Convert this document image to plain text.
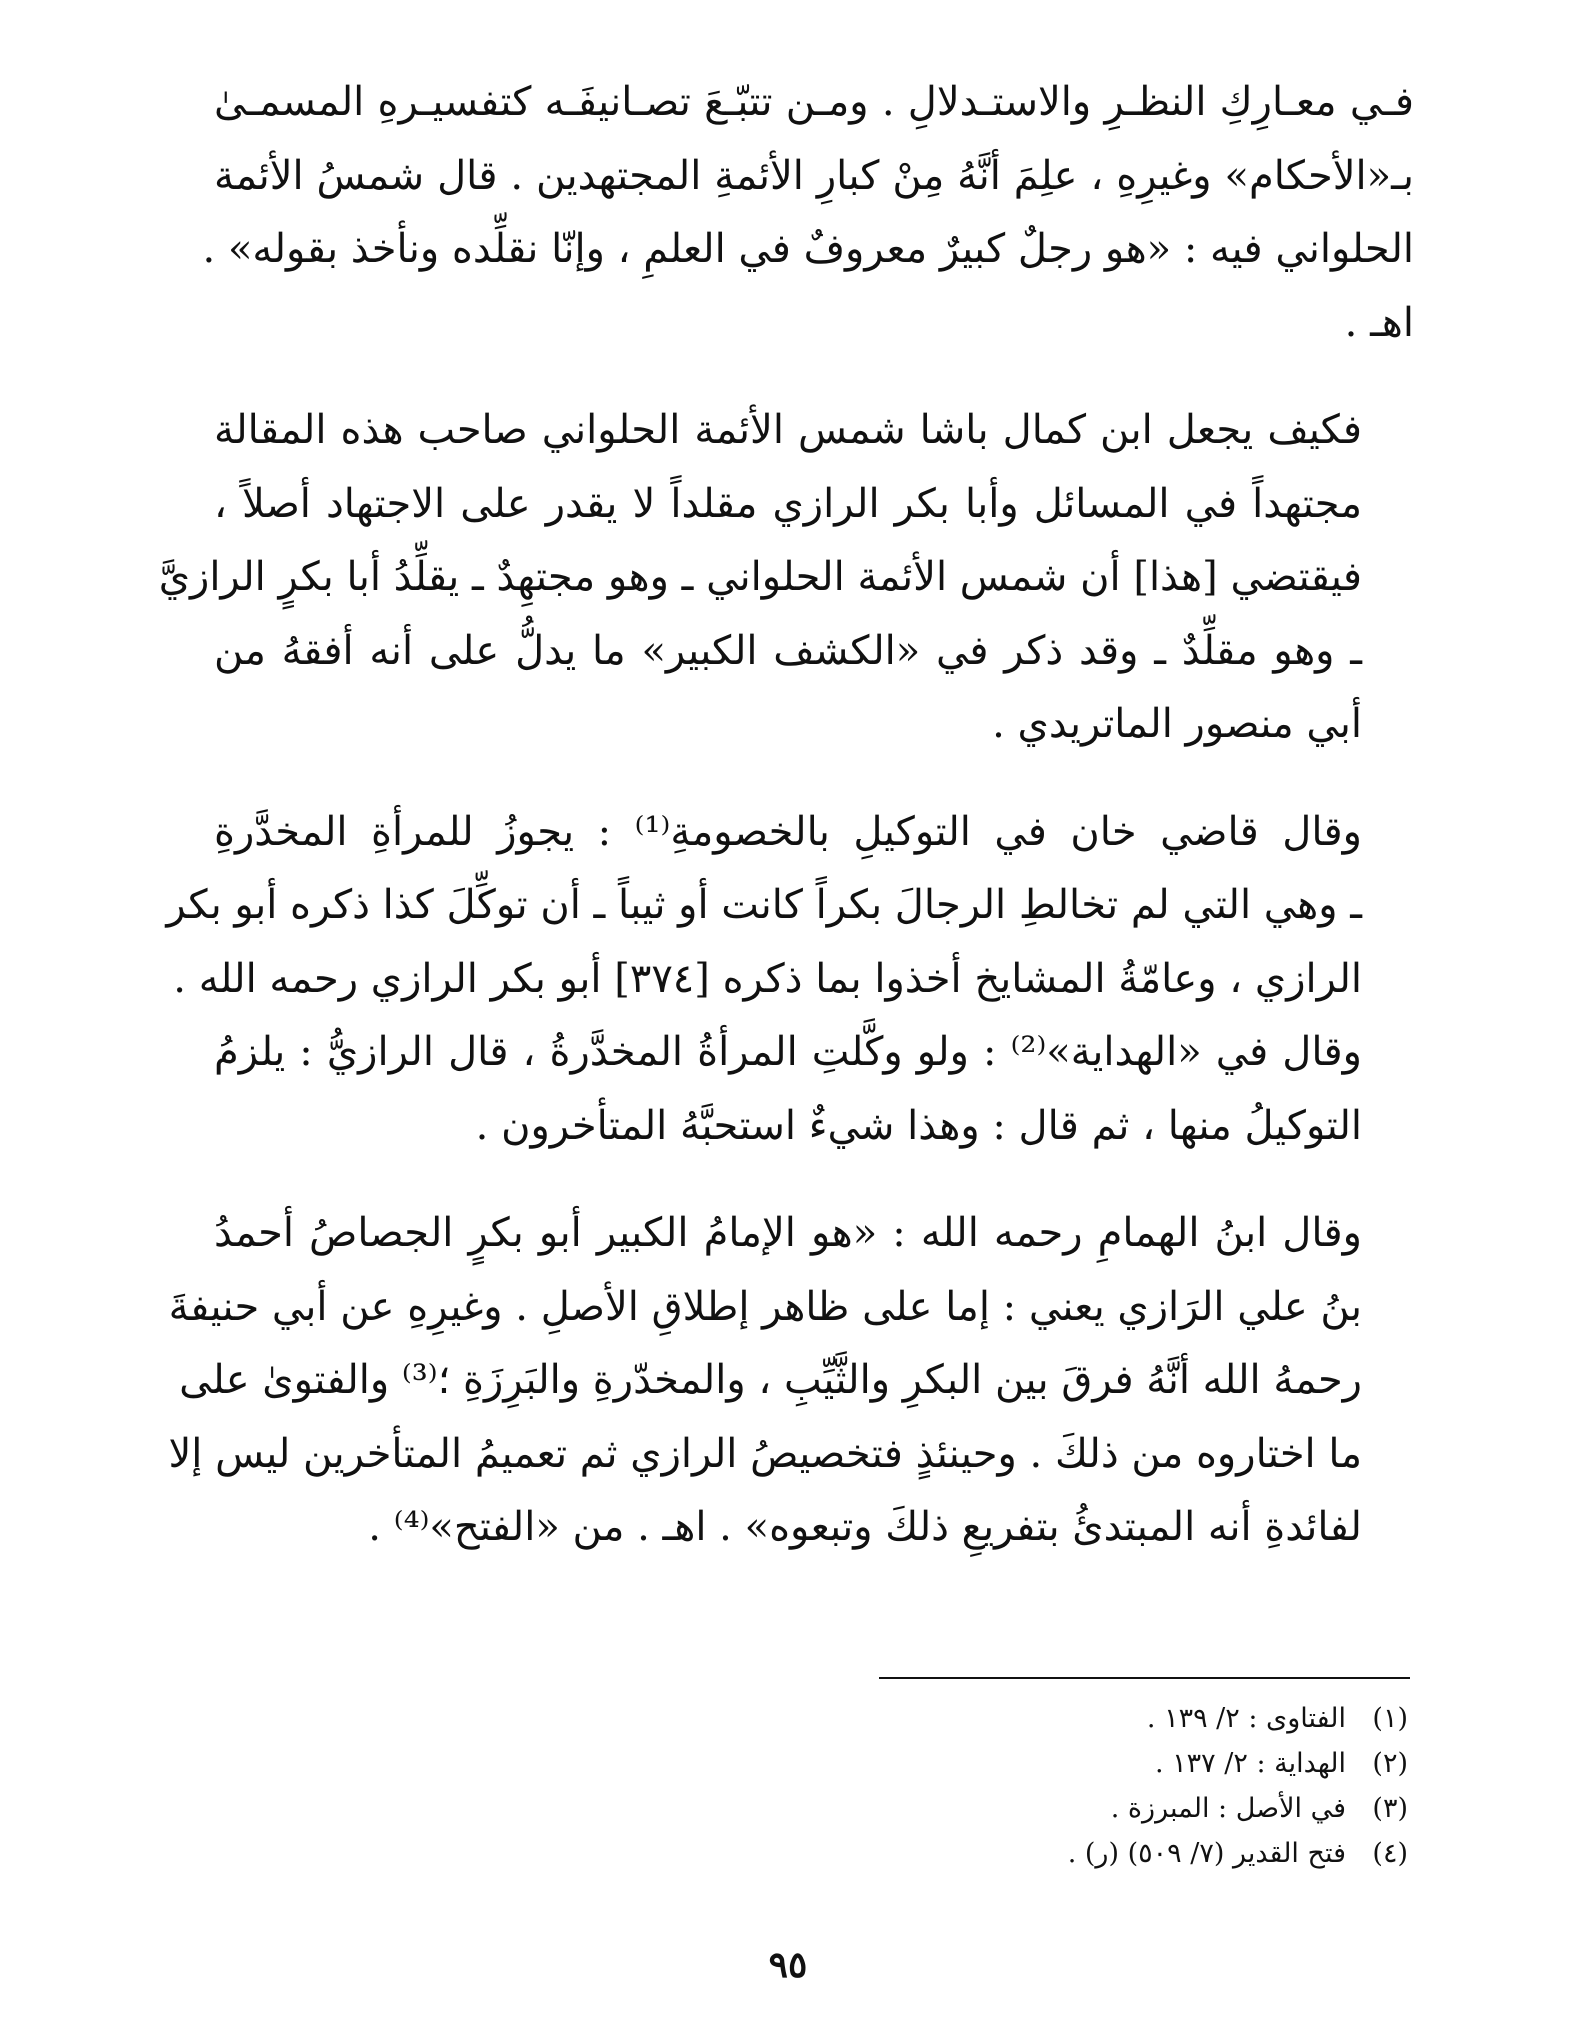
فـي معـارِكِ النظـرِ والاستـدلالِ . ومـن تتبّـعَ تصـانيفَـه كتفسيـرهِ المسمـىٰ
بـ«الأحكام» وغيرِهِ ، علِمَ أنَّهُ مِنْ كبارِ الأئمةِ المجتهدين . قال شمسُ الأئمة
الحلواني فيه : «هو رجلٌ كبيرٌ معروفٌ في العلمِ ، وإنّا نقلِّده ونأخذ بقوله» .
اهـ .

فكيف يجعل ابن كمال باشا شمس الأئمة الحلواني صاحب هذه المقالة
مجتهداً في المسائل وأبا بكر الرازي مقلداً لا يقدر على الاجتهاد أصلاً ،
فيقتضي [هذا] أن شمس الأئمة الحلواني ـ وهو مجتهِدٌ ـ يقلِّدُ أبا بكرٍ الرازيَّ
ـ وهو مقلِّدٌ ـ وقد ذكر في «الكشف الكبير» ما يدلُّ على أنه أفقهُ من
أبي منصور الماتريدي .

وقال قاضي خان في التوكيلِ بالخصومةِ⁽¹⁾ : يجوزُ للمرأةِ المخدَّرةِ
ـ وهي التي لم تخالطِ الرجالَ بكراً كانت أو ثيباً ـ أن توكِّلَ كذا ذكره أبو بكر
الرازي ، وعامّةُ المشايخ أخذوا بما ذكره [٣٧٤] أبو بكر الرازي رحمه الله .
وقال في «الهداية»⁽²⁾ : ولو وكَّلتِ المرأةُ المخدَّرةُ ، قال الرازيُّ : يلزمُ
التوكيلُ منها ، ثم قال : وهذا شيءٌ استحبَّهُ المتأخرون .

وقال ابنُ الهمامِ رحمه الله : «هو الإمامُ الكبير أبو بكرٍ الجصاصُ أحمدُ
بنُ علي الرَازي يعني : إما على ظاهر إطلاقِ الأصلِ . وغيرِهِ عن أبي حنيفةَ
رحمهُ الله أنَّهُ فرقَ بين البكرِ والثَّيِّبِ ، والمخدّرةِ والبَرِزَةِ ؛⁽³⁾ والفتوىٰ على
ما اختاروه من ذلكَ . وحينئذٍ فتخصيصُ الرازي ثم تعميمُ المتأخرين ليس إلا
لفائدةِ أنه المبتدئُ بتفريعِ ذلكَ وتبعوه» . اهـ . من «الفتح»⁽⁴⁾ .

(١)
الفتاوى : ٢/ ١٣٩ .
(٢)
الهداية : ٢/ ١٣٧ .
(٣)
في الأصل : المبرزة .
(٤)
فتح القدير (٧/ ٥٠٩) (ر) .
٩٥
